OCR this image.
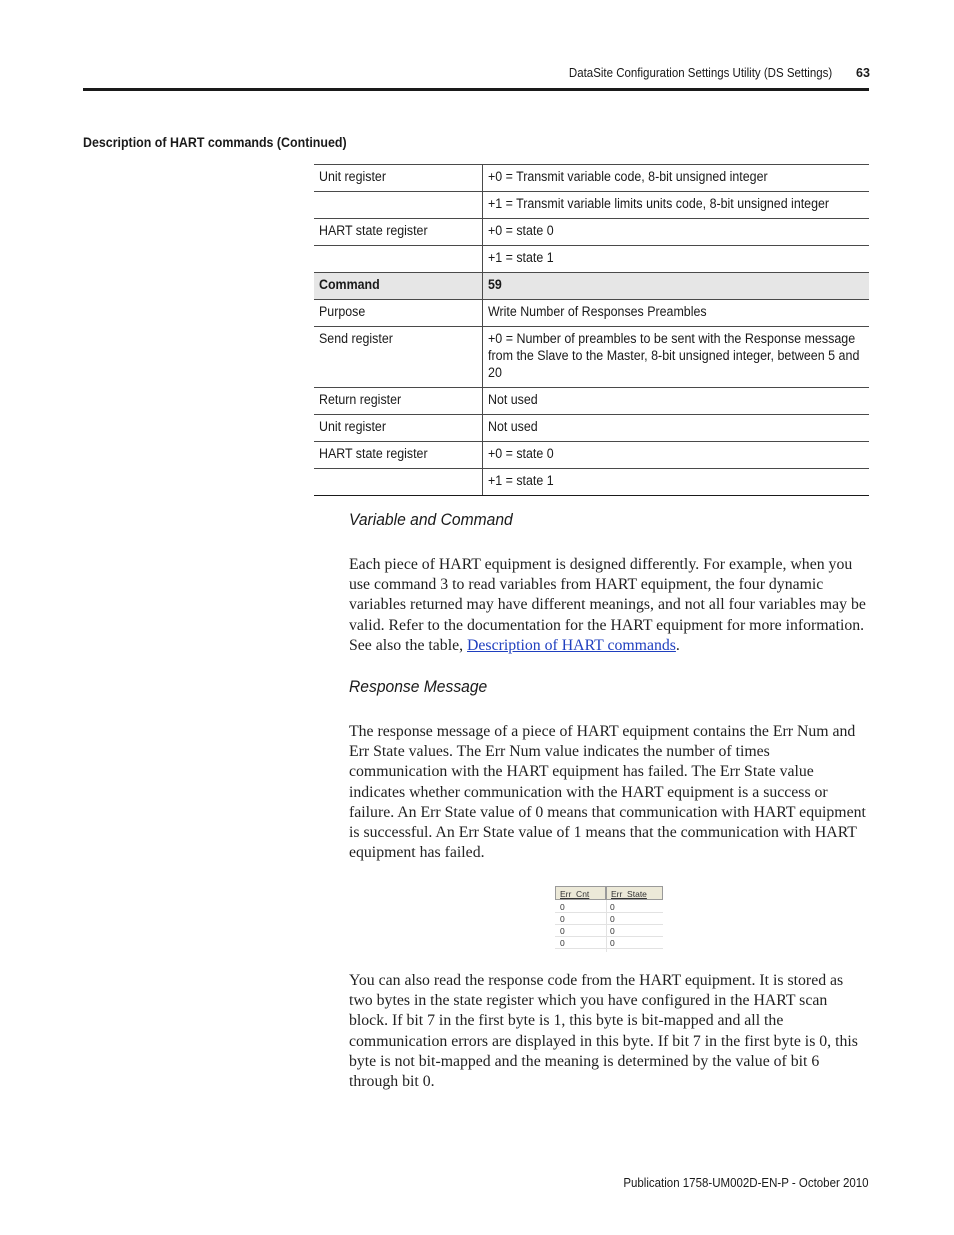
DataSite Configuration Settings Utility (DS Settings) 63
Description of HART commands (Continued)
Unit register	+0 = Transmit variable code, 8-bit unsigned integer
	+1 = Transmit variable limits units code, 8-bit unsigned integer
HART state register	+0 = state 0
	+1 = state 1
Command	59
Purpose	Write Number of Responses Preambles
Send register	+0 = Number of preambles to be sent with the Response message from the Slave to the Master, 8-bit unsigned integer, between 5 and 20

Return register	Not used
Unit register	Not used
HART state register	+0 = state 0
	+1 = state 1
Variable and Command
Each piece of HART equipment is designed differently. For example, when you use command 3 to read variables from HART equipment, the four dynamic variables returned may have different meanings, and not all four variables may be valid. Refer to the documentation for the HART equipment for more information. See also the table, Description of HART commands.
Response Message
The response message of a piece of HART equipment contains the Err Num and Err State values. The Err Num value indicates the number of times communication with the HART equipment has failed. The Err State value indicates whether communication with the HART equipment is a success or failure. An Err State value of 0 means that communication with HART equipment is successful. An Err State value of 1 means that the communication with HART equipment has failed.
Err_Cnt	Err_State
0	0
0	0
0	0
0	0
You can also read the response code from the HART equipment. It is stored as two bytes in the state register which you have configured in the HART scan block. If bit 7 in the first byte is 1, this byte is bit-mapped and all the communication errors are displayed in this byte. If bit 7 in the first byte is 0, this byte is not bit-mapped and the meaning is determined by the value of bit 6 through bit 0.
Publication 1758-UM002D-EN-P - October 2010
